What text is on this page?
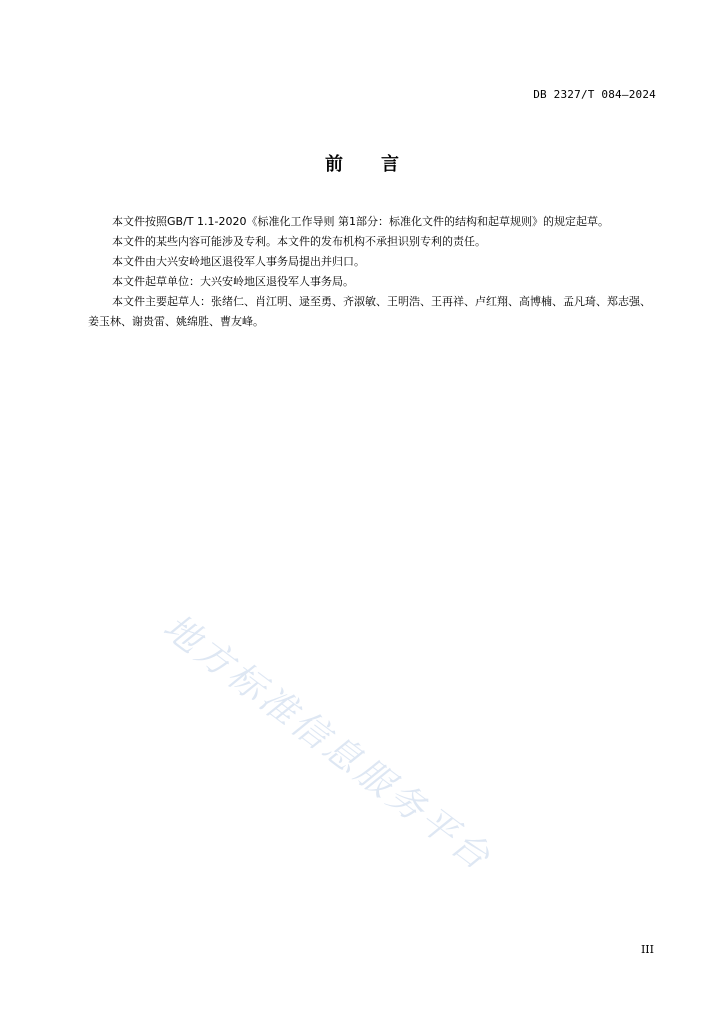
DB 2327/T 084—2024
前言

本文件按照GB/T 1.1-2020《标准化工作导则 第1部分：标准化文件的结构和起草规则》的规定起草。

本文件的某些内容可能涉及专利。本文件的发布机构不承担识别专利的责任。

本文件由大兴安岭地区退役军人事务局提出并归口。

本文件起草单位：大兴安岭地区退役军人事务局。

本文件主要起草人：张绪仁、肖江明、逯至勇、齐淑敏、王明浩、王再祥、卢红翔、高博楠、孟凡琦、郑志强、姜玉林、谢贵雷、姚绵胜、曹友峰。

地方标准信息服务平台
III
